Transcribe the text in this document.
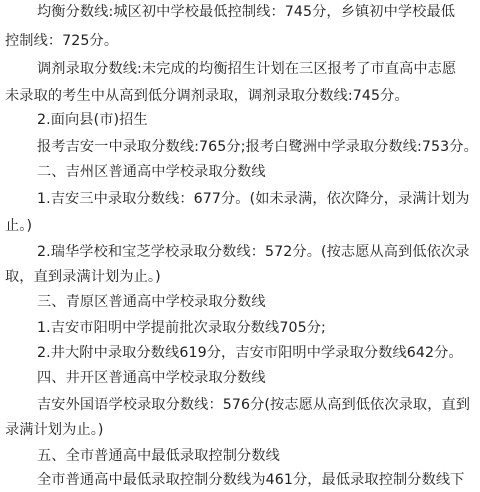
均衡分数线:城区初中学校最低控制线：745分，乡镇初中学校最低
控制线：725分。
调剂录取分数线:未完成的均衡招生计划在三区报考了市直高中志愿
未录取的考生中从高到低分调剂录取，调剂录取分数线:745分。
2.面向县(市)招生
报考吉安一中录取分数线:765分;报考白鹭洲中学录取分数线:753分。
二、吉州区普通高中学校录取分数线
1.吉安三中录取分数线：677分。(如未录满，依次降分，录满计划为
止。)
2.瑞华学校和宝芝学校录取分数线：572分。(按志愿从高到低依次录
取，直到录满计划为止。)
三、青原区普通高中学校录取分数线
1.吉安市阳明中学提前批次录取分数线705分;
2.井大附中录取分数线619分，吉安市阳明中学录取分数线642分。
四、井开区普通高中学校录取分数线
吉安外国语学校录取分数线：576分(按志愿从高到低依次录取，直到
录满计划为止。)
五、全市普通高中最低录取控制分数线
全市普通高中最低录取控制分数线为461分，最低录取控制分数线下
